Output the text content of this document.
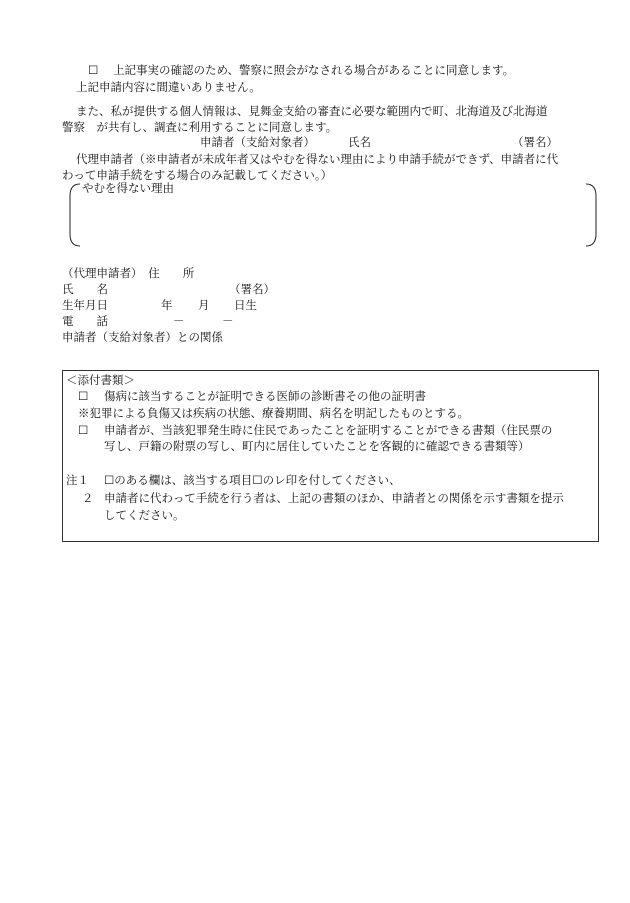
☐ 上記事実の確認のため、警察に照会がなされる場合があることに同意します。
上記申請内容に間違いありません。
また、私が提供する個人情報は、見舞金支給の審査に必要な範囲内で町、北海道及び北海道
警察　が共有し、調査に利用することに同意します。
申請者（支給対象者）	氏名	（署名）
代理申請者（※申請者が未成年者又はやむを得ない理由により申請手続ができず、申請者に代
わって申請手続をする場合のみ記載してください。）
やむを得ない理由
（代理申請者）　住　　所
氏　　名	（署名）
生年月日	年 月 日生
電　　話	－	－
申請者（支給対象者）との関係
＜添付書類＞
☐ 傷病に該当することが証明できる医師の診断書その他の証明書
※犯罪による負傷又は疾病の状態、療養期間、病名を明記したものとする。
☐ 申請者が、当該犯罪発生時に住民であったことを証明することができる書類（住民票の
写し、戸籍の附票の写し、町内に居住していたことを客観的に確認できる書類等）
注１ ☐のある欄は、該当する項目☐のレ印を付してください、
２ 申請者に代わって手続を行う者は、上記の書類のほか、申請者との関係を示す書類を提示
してください。
